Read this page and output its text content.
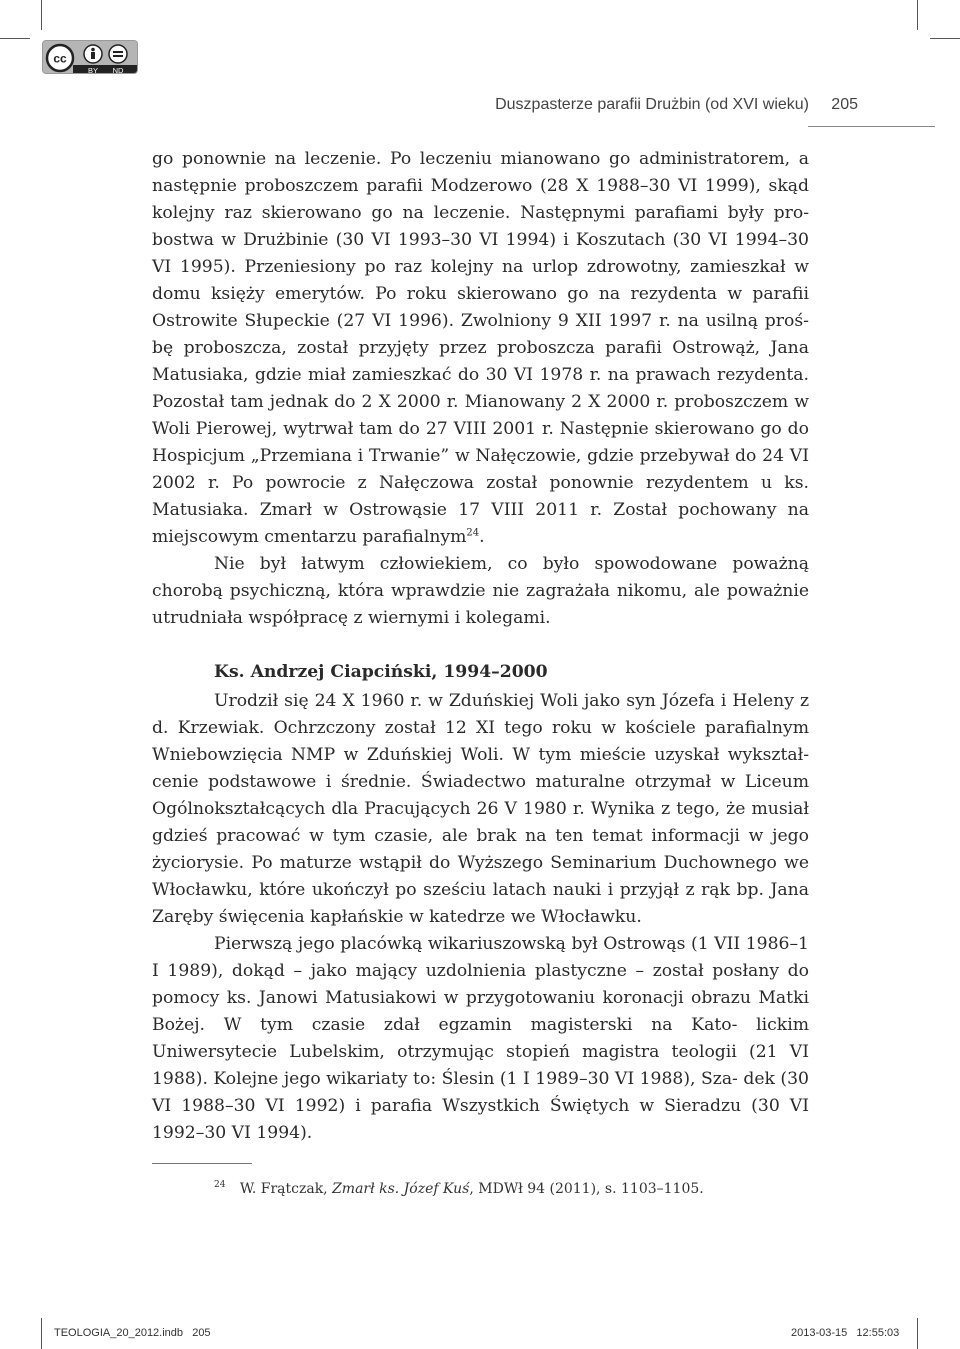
cc
BY ND
Duszpasterze parafii Drużbin (od XVI wieku) 205

go ponownie na leczenie. Po leczeniu mianowano go administratorem, a następnie proboszczem parafii Modzerowo (28 X 1988–30 VI 1999), skąd kolejny raz skierowano go na leczenie. Następnymi parafiami były pro- bostwa w Drużbinie (30 VI 1993–30 VI 1994) i Koszutach (30 VI 1994–30 VI 1995). Przeniesiony po raz kolejny na urlop zdrowotny, zamieszkał w domu księży emerytów. Po roku skierowano go na rezydenta w parafii Ostrowite Słupeckie (27 VI 1996). Zwolniony 9 XII 1997 r. na usilną proś- bę proboszcza, został przyjęty przez proboszcza parafii Ostrowąż, Jana Matusiaka, gdzie miał zamieszkać do 30 VI 1978 r. na prawach rezydenta. Pozostał tam jednak do 2 X 2000 r. Mianowany 2 X 2000 r. proboszczem w Woli Pierowej, wytrwał tam do 27 VIII 2001 r. Następnie skierowano go do Hospicjum „Przemiana i Trwanie” w Nałęczowie, gdzie przebywał do 24 VI 2002 r. Po powrocie z Nałęczowa został ponownie rezydentem u ks. Matusiaka. Zmarł w Ostrowąsie 17 VIII 2011 r. Został pochowany na miejscowym cmentarzu parafialnym$^{24}$.

Nie był łatwym człowiekiem, co było spowodowane poważną chorobą psychiczną, która wprawdzie nie zagrażała nikomu, ale poważnie utrudniała współpracę z wiernymi i kolegami.

Ks. Andrzej Ciapciński, 1994–2000

Urodził się 24 X 1960 r. w Zduńskiej Woli jako syn Józefa i Heleny z d. Krzewiak. Ochrzczony został 12 XI tego roku w kościele parafialnym Wniebowzięcia NMP w Zduńskiej Woli. W tym mieście uzyskał wykształ- cenie podstawowe i średnie. Świadectwo maturalne otrzymał w Liceum Ogólnokształcących dla Pracujących 26 V 1980 r. Wynika z tego, że musiał gdzieś pracować w tym czasie, ale brak na ten temat informacji w jego życiorysie. Po maturze wstąpił do Wyższego Seminarium Duchownego we Włocławku, które ukończył po sześciu latach nauki i przyjął z rąk bp. Jana Zaręby święcenia kapłańskie w katedrze we Włocławku.

Pierwszą jego placówką wikariuszowską był Ostrowąs (1 VII 1986–1 I 1989), dokąd – jako mający uzdolnienia plastyczne – został posłany do pomocy ks. Janowi Matusiakowi w przygotowaniu koronacji obrazu Matki Bożej. W tym czasie zdał egzamin magisterski na Kato- lickim Uniwersytecie Lubelskim, otrzymując stopień magistra teologii (21 VI 1988). Kolejne jego wikariaty to: Ślesin (1 I 1989–30 VI 1988), Sza- dek (30 VI 1988–30 VI 1992) i parafia Wszystkich Świętych w Sieradzu (30 VI 1992–30 VI 1994).

$^{24}$ W. Frątczak, Zmarł ks. Józef Kuś, MDWł 94 (2011), s. 1103–1105.
TEOLOGIA_20_2012.indb   205	2013-03-15   12:55:03
